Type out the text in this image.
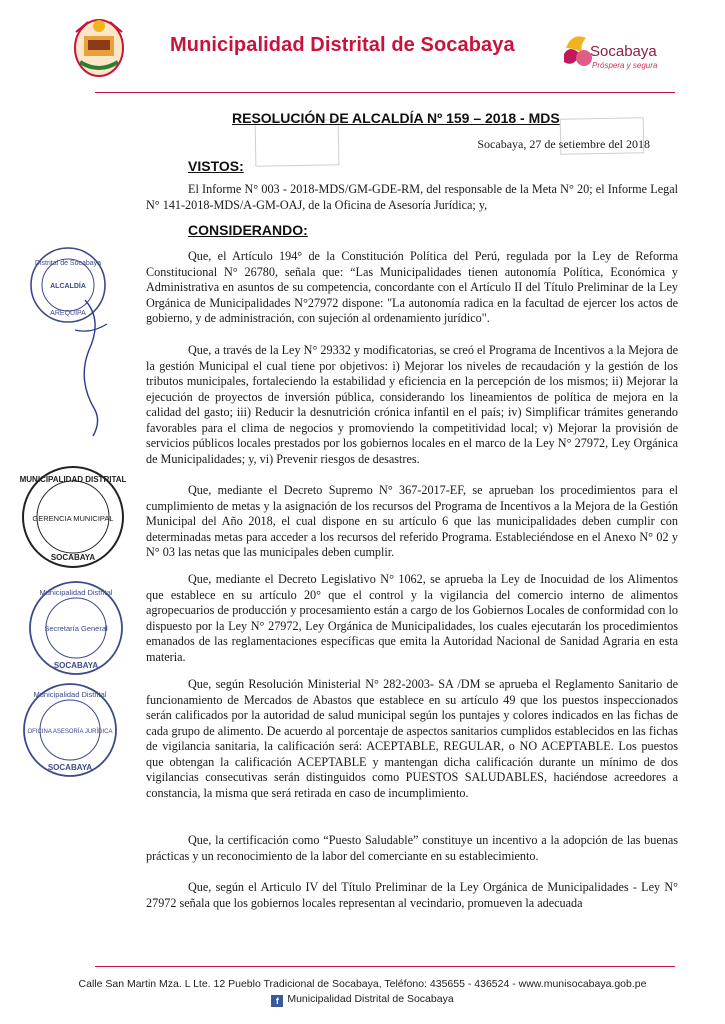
Municipalidad Distrital de Socabaya	Socabaya
Próspera y segura
RESOLUCIÓN DE ALCALDÍA Nº 159 – 2018 - MDS
Socabaya, 27 de setiembre del 2018
VISTOS:

El Informe N° 003 - 2018-MDS/GM-GDE-RM, del responsable de la Meta N° 20; el Informe Legal N° 141-2018-MDS/A-GM-OAJ, de la Oficina de Asesoría Jurídica; y,

CONSIDERANDO:

Que, el Artículo 194° de la Constitución Política del Perú, regulada por la Ley de Reforma Constitucional N° 26780, señala que: “Las Municipalidades tienen autonomía Política, Económica y Administrativa en asuntos de su competencia, concordante con el Artículo II del Título Preliminar de la Ley Orgánica de Municipalidades N°27972 dispone: "La autonomía radica en la facultad de ejercer los actos de gobierno, y de administración, con sujeción al ordenamiento jurídico".

Que, a través de la Ley N° 29332 y modificatorias, se creó el Programa de Incentivos a la Mejora de la gestión Municipal el cual tiene por objetivos: i) Mejorar los niveles de recaudación y la gestión de los tributos municipales, fortaleciendo la estabilidad y eficiencia en la percepción de los mismos; ii) Mejorar la ejecución de proyectos de inversión pública, considerando los lineamientos de política de mejora en la calidad del gasto; iii) Reducir la desnutrición crónica infantil en el país; iv) Simplificar trámites generando favorables para el clima de negocios y promoviendo la competitividad local; v) Mejorar la provisión de servicios públicos locales prestados por los gobiernos locales en el marco de la Ley N° 27972, Ley Orgánica de Municipalidades; y, vi) Prevenir riesgos de desastres.

Que, mediante el Decreto Supremo N° 367-2017-EF, se aprueban los procedimientos para el cumplimiento de metas y la asignación de los recursos del Programa de Incentivos a la Mejora de la Gestión Municipal del Año 2018, el cual dispone en su artículo 6 que las municipalidades deben cumplir con determinadas metas para acceder a los recursos del referido Programa. Estableciéndose en el Anexo N° 02 y N° 03 las netas que las municipales deben cumplir.

Que, mediante el Decreto Legislativo N° 1062, se aprueba la Ley de Inocuidad de los Alimentos que establece en su artículo 20° que el control y la vigilancia del comercio interno de alimentos agropecuarios de producción y procesamiento están a cargo de los Gobiernos Locales de conformidad con lo dispuesto por la Ley N° 27972, Ley Orgánica de Municipalidades, los cuales ejecutarán los procedimientos emanados de las reglamentaciones específicas que emita la Autoridad Nacional de Sanidad Agraria en esta materia.

Que, según Resolución Ministerial N° 282-2003- SA /DM se aprueba el Reglamento Sanitario de funcionamiento de Mercados de Abastos que establece en su artículo 49 que los puestos inspeccionados serán calificados por la autoridad de salud municipal según los puntajes y colores indicados en las fichas de cada grupo de alimento. De acuerdo al porcentaje de aspectos sanitarios cumplidos establecidos en las fichas de vigilancia sanitaria, la calificación será: ACEPTABLE, REGULAR, o NO ACEPTABLE. Los puestos que obtengan la calificación ACEPTABLE y mantengan dicha calificación durante un mínimo de dos vigilancias consecutivas serán distinguidos como PUESTOS SALUDABLES, haciéndose acreedores a constancia, la misma que será retirada en caso de incumplimiento.

Que, la certificación como “Puesto Saludable” constituye un incentivo a la adopción de las buenas prácticas y un reconocimiento de la labor del comerciante en su establecimiento.

Que, según el Articulo IV del Título Preliminar de la Ley Orgánica de Municipalidades - Ley N° 27972 señala que los gobiernos locales representan al vecindario, promueven la adecuada

Distrital de Socabaya
ALCALDÍA
AREQUIPA
MUNICIPALIDAD DISTRITAL
GERENCIA MUNICIPAL
SOCABAYA
Municipalidad Distrital
Secretaría General
SOCABAYA
Municipalidad Distrital
OFICINA ASESORÍA JURÍDICA
SOCABAYA
Calle San Martin Mza. L Lte. 12 Pueblo Tradicional de Socabaya, Teléfono: 435655 - 436524 - www.munisocabaya.gob.pe
f Municipalidad Distrital de Socabaya
